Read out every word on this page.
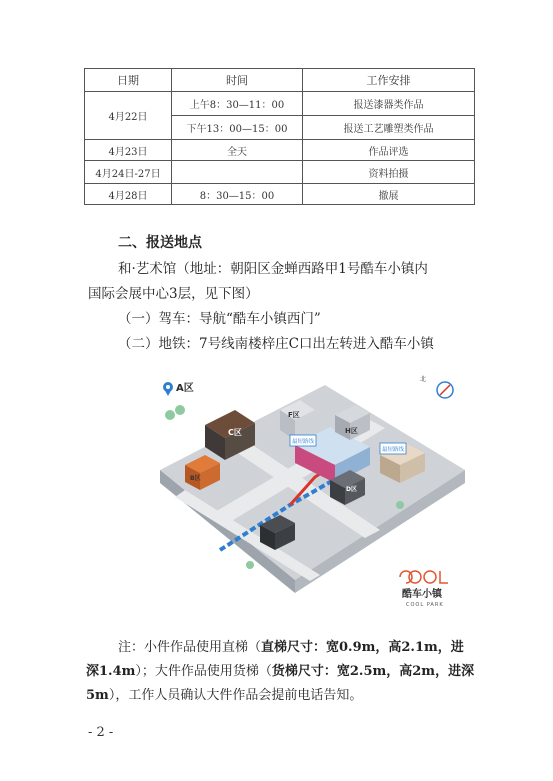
日期	时间	工作安排
4月22日	上午8：30—11：00	报送漆器类作品
	下午13：00—15：00	报送工艺雕塑类作品
4月23日	全天	作品评选
4月24日-27日		资料拍摄
4月28日	8：30—15：00	撤展
二、报送地点
和·艺术馆（地址：朝阳区金蝉西路甲1号酷车小镇内
国际会展中心3层，见下图）
（一）驾车：导航“酷车小镇西门”
（二）地铁：7号线南楼梓庄C口出左转进入酷车小镇
A区
C区
F区
H区
B区
D区
最短路线
最短路线
北
酷车小镇
COOL PARK
注：小件作品使用直梯（直梯尺寸：宽0.9m，高2.1m，进深1.4m）；大件作品使用货梯（货梯尺寸：宽2.5m，高2m，进深5m），工作人员确认大件作品会提前电话告知。
- 2 -
